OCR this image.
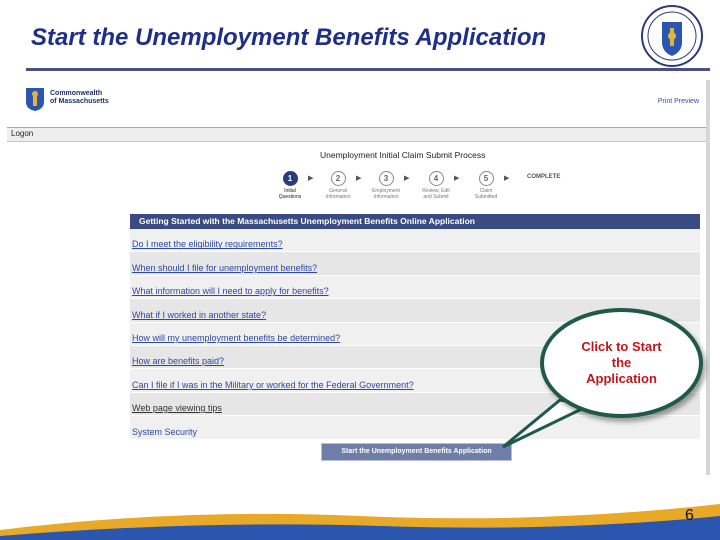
Start the Unemployment Benefits Application
Commonwealth
of Massachusetts	Print Preview
Logon
Unemployment Initial Claim Submit Process
1
Initial Questions
▶	2
General Information
▶	3
Employment Information
▶	4
Review, Edit and Submit
▶	5
Claim Submitted
▶	COMPLETE
Getting Started with the Massachusetts Unemployment Benefits Online Application
Do I meet the eligibility requirements?
When should I file for unemployment benefits?
What information will I need to apply for benefits?
What if I worked in another state?
How will my unemployment benefits be determined?
How are benefits paid?
Can I file if I was in the Military or worked for the Federal Government?
Web page viewing tips
System Security
Start the Unemployment Benefits Application
Click to Start the Application
6
